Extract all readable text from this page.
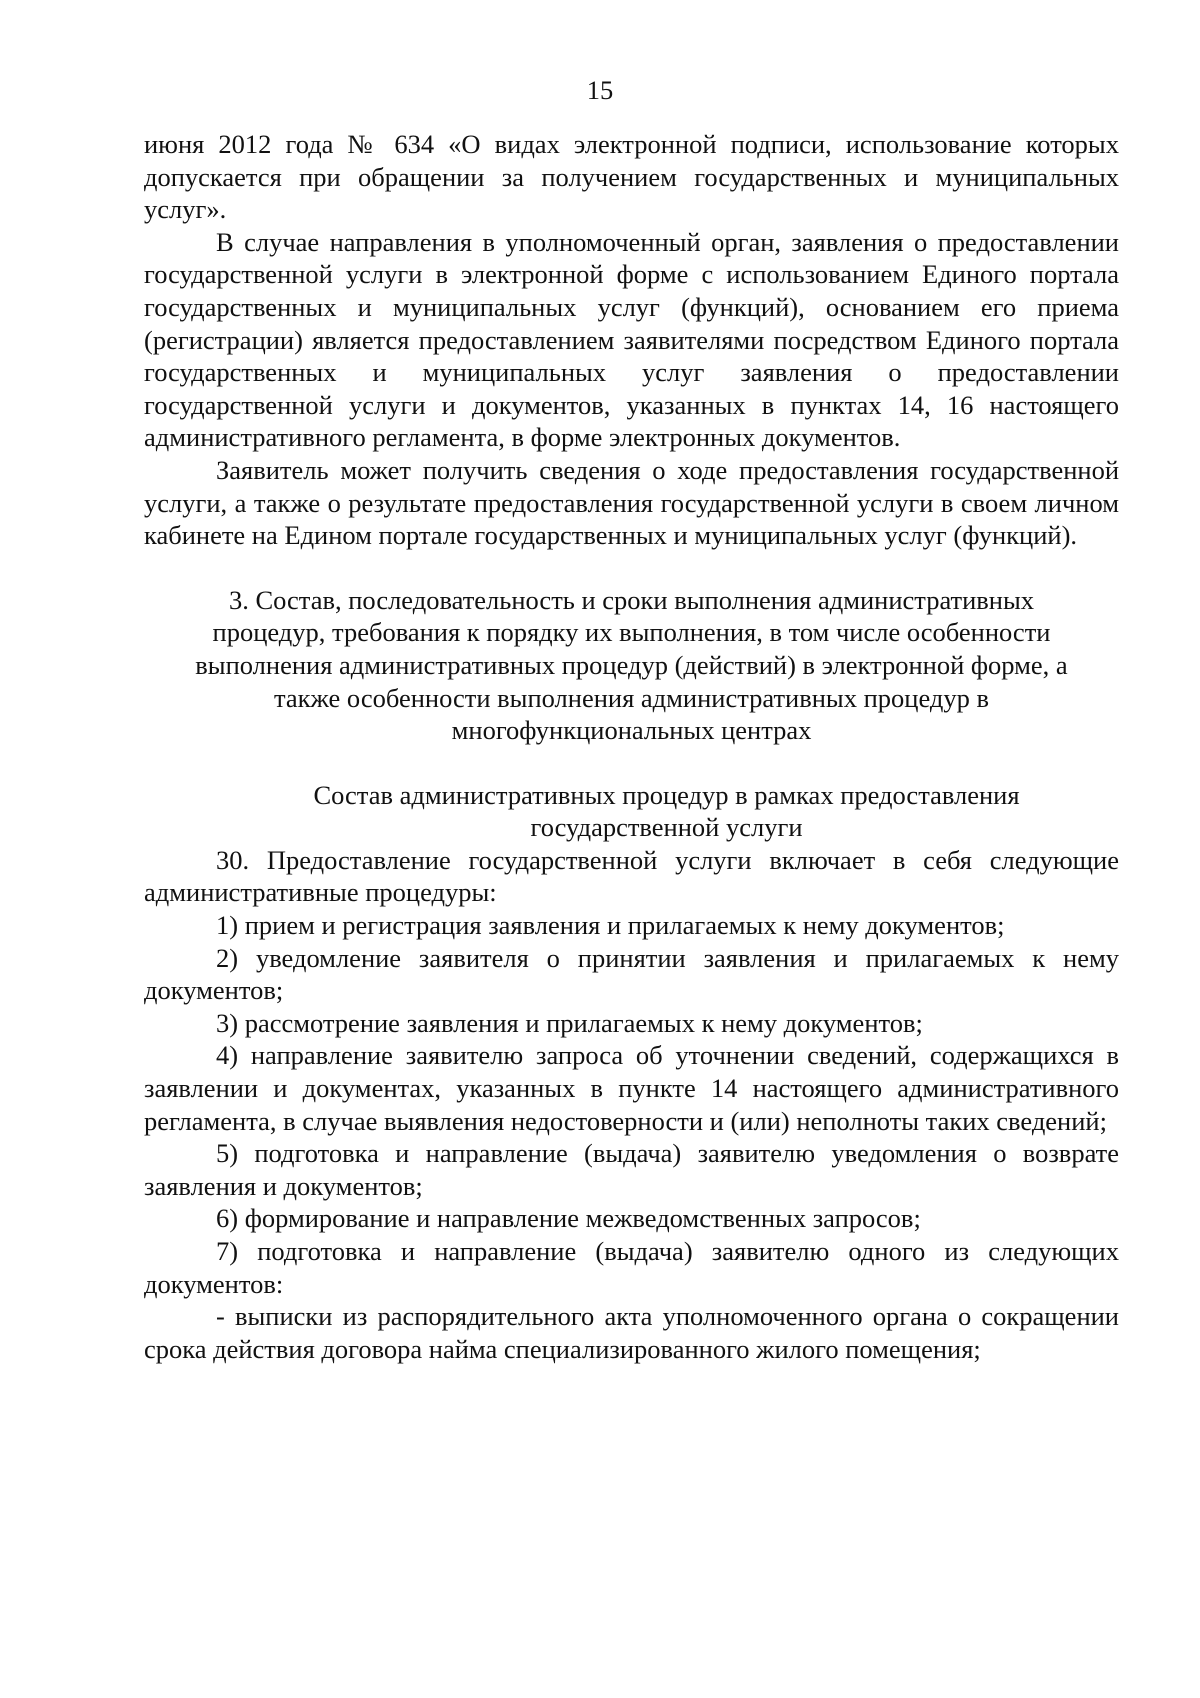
15

июня 2012 года № 634 «О видах электронной подписи, использование которых допускается при обращении за получением государственных и муниципальных услуг».

В случае направления в уполномоченный орган, заявления о предоставлении государственной услуги в электронной форме с использованием Единого портала государственных и муниципальных услуг (функций), основанием его приема (регистрации) является предоставлением заявителями посредством Единого портала государственных и муниципальных услуг заявления о предоставлении государственной услуги и документов, указанных в пунктах 14, 16 настоящего административного регламента, в форме электронных документов.

Заявитель может получить сведения о ходе предоставления государственной услуги, а также о результате предоставления государственной услуги в своем личном кабинете на Едином портале государственных и муниципальных услуг (функций).

3. Состав, последовательность и сроки выполнения административных процедур, требования к порядку их выполнения, в том числе особенности выполнения административных процедур (действий) в электронной форме, а также особенности выполнения административных процедур в многофункциональных центрах

Состав административных процедур в рамках предоставления государственной услуги

30. Предоставление государственной услуги включает в себя следующие административные процедуры:

1) прием и регистрация заявления и прилагаемых к нему документов;

2) уведомление заявителя о принятии заявления и прилагаемых к нему документов;

3) рассмотрение заявления и прилагаемых к нему документов;

4) направление заявителю запроса об уточнении сведений, содержащихся в заявлении и документах, указанных в пункте 14 настоящего административного регламента, в случае выявления недостоверности и (или) неполноты таких сведений;

5) подготовка и направление (выдача) заявителю уведомления о возврате заявления и документов;

6) формирование и направление межведомственных запросов;

7) подготовка и направление (выдача) заявителю одного из следующих документов:

- выписки из распорядительного акта уполномоченного органа о сокращении срока действия договора найма специализированного жилого помещения;
